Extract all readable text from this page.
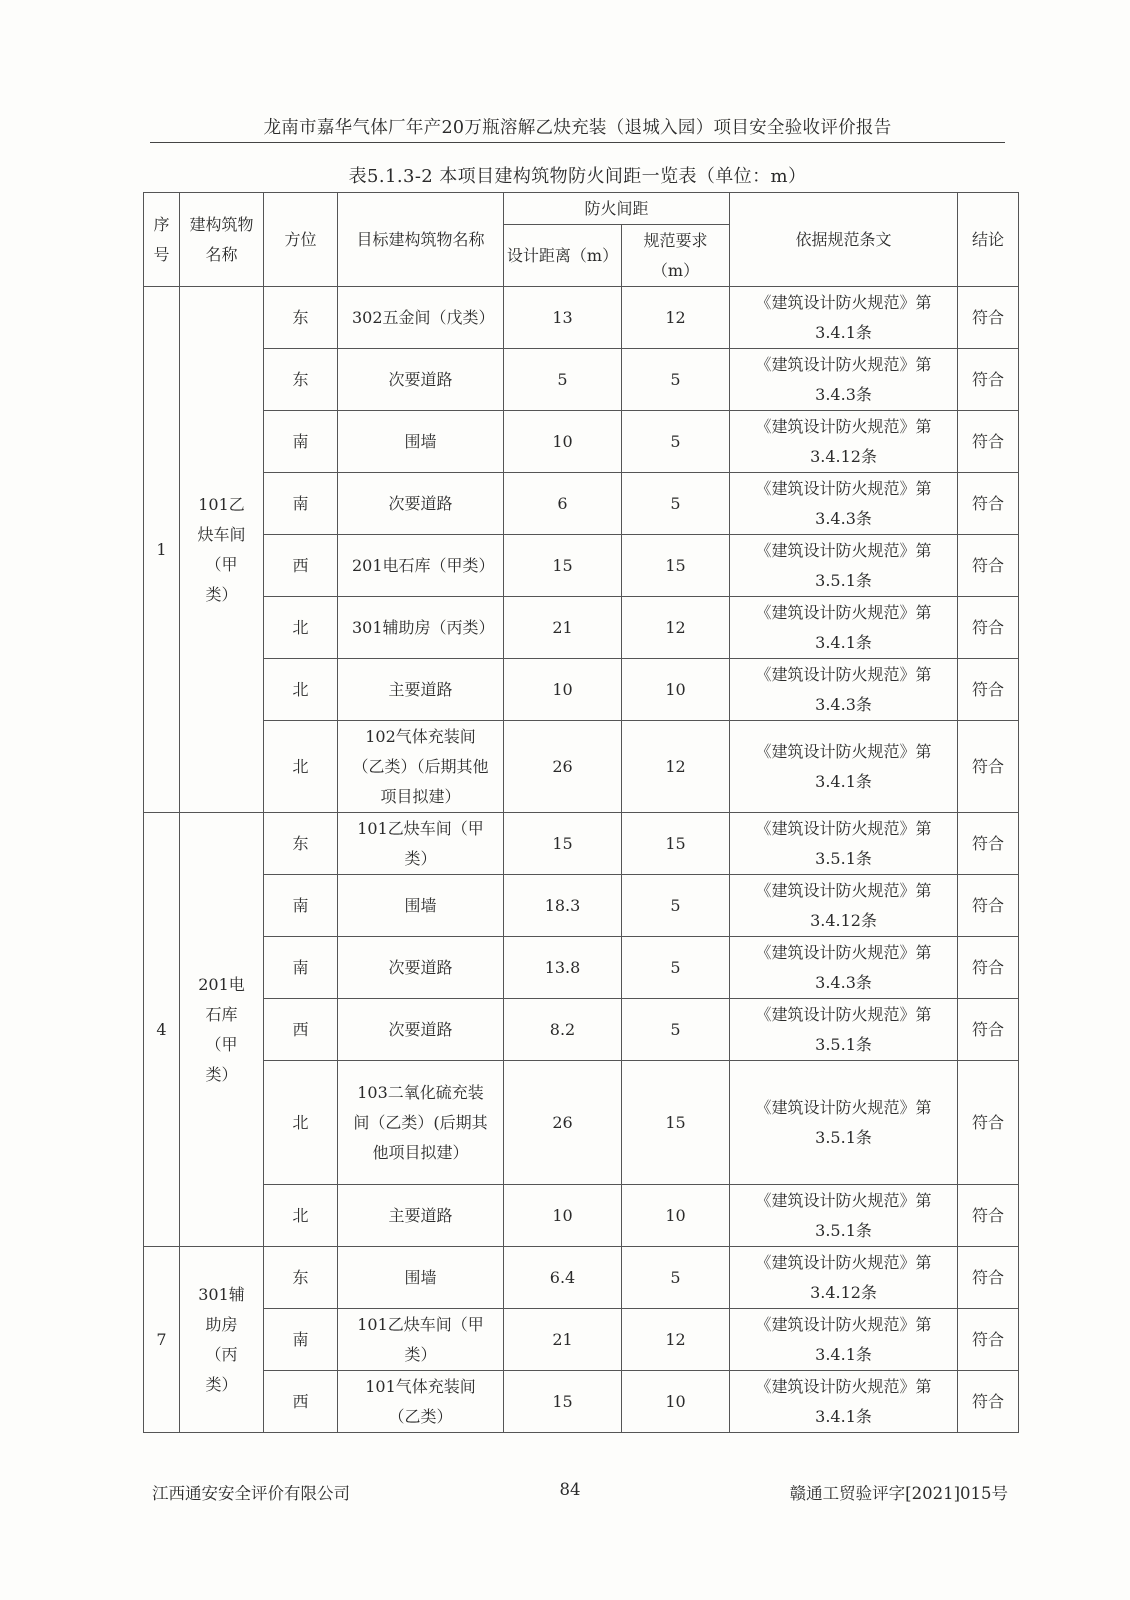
龙南市嘉华气体厂年产20万瓶溶解乙炔充装（退城入园）项目安全验收评价报告
表5.1.3-2 本项目建构筑物防火间距一览表（单位：m）
序号	建构筑物名称	方位	目标建构筑物名称	防火间距		依据规范条文	结论
				设计距离（m）	规范要求（m）		
1	101乙炔车间（甲类）	东	302五金间（戊类）	13	12	《建筑设计防火规范》第3.4.1条	符合
		东	次要道路	5	5	《建筑设计防火规范》第3.4.3条	符合
		南	围墙	10	5	《建筑设计防火规范》第3.4.12条	符合
		南	次要道路	6	5	《建筑设计防火规范》第3.4.3条	符合
		西	201电石库（甲类）	15	15	《建筑设计防火规范》第3.5.1条	符合
		北	301辅助房（丙类）	21	12	《建筑设计防火规范》第3.4.1条	符合
		北	主要道路	10	10	《建筑设计防火规范》第3.4.3条	符合
		北	102气体充装间（乙类）（后期其他项目拟建）	26	12	《建筑设计防火规范》第3.4.1条	符合
4	201电石库（甲类）	东	101乙炔车间（甲类）	15	15	《建筑设计防火规范》第3.5.1条	符合
		南	围墙	18.3	5	《建筑设计防火规范》第3.4.12条	符合
		南	次要道路	13.8	5	《建筑设计防火规范》第3.4.3条	符合
		西	次要道路	8.2	5	《建筑设计防火规范》第3.5.1条	符合
		北	103二氧化硫充装间（乙类）(后期其他项目拟建）	26	15	《建筑设计防火规范》第3.5.1条	符合
		北	主要道路	10	10	《建筑设计防火规范》第3.5.1条	符合
7	301辅助房（丙类）	东	围墙	6.4	5	《建筑设计防火规范》第3.4.12条	符合
		南	101乙炔车间（甲类）	21	12	《建筑设计防火规范》第3.4.1条	符合
		西	101气体充装间（乙类）	15	10	《建筑设计防火规范》第3.4.1条	符合
江西通安安全评价有限公司	84	赣通工贸验评字[2021]015号
